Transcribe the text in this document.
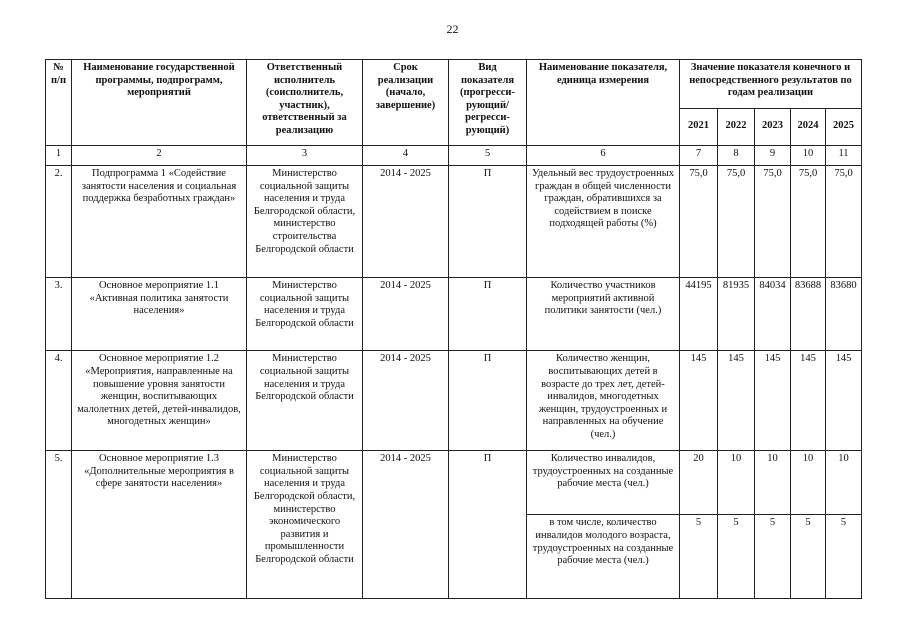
22
№ п/п	Наименование государственной программы, подпрограмм, мероприятий	Ответственный исполнитель (соисполнитель, участник), ответственный за реализацию	Срок реализации (начало, завершение)	Вид показателя (прогресси-рующий/ регресси-рующий)	Наименование показателя, единица измерения	Значение показателя конечного и непосредственного результатов по годам реализации				
						2021	2022	2023	2024	2025
1	2	3	4	5	6	7	8	9	10	11
2.	Подпрограмма 1 «Содействие занятости населения и социальная поддержка безработных граждан»	Министерство социальной защиты населения и труда Белгородской области, министерство строительства Белгородской области	2014 - 2025	П	Удельный вес трудоустроенных граждан в общей численности граждан, обратившихся за содействием в поиске подходящей работы (%)	75,0	75,0	75,0	75,0	75,0
3.	Основное мероприятие 1.1 «Активная политика занятости населения»	Министерство социальной защиты населения и труда Белгородской области	2014 - 2025	П	Количество участников мероприятий активной политики занятости (чел.)	44195	81935	84034	83688	83680
4.	Основное мероприятие 1.2 «Мероприятия, направленные на повышение уровня занятости женщин, воспитывающих малолетних детей, детей-инвалидов, многодетных женщин»	Министерство социальной защиты населения и труда Белгородской области	2014 - 2025	П	Количество женщин, воспитывающих детей в возрасте до трех лет, детей-инвалидов, многодетных женщин, трудоустроенных и направленных на обучение (чел.)	145	145	145	145	145
5.	Основное мероприятие 1.3 «Дополнительные мероприятия в сфере занятости населения»	Министерство социальной защиты населения и труда Белгородской области, министерство экономического развития и промышленности Белгородской области	2014 - 2025	П	Количество инвалидов, трудоустроенных на созданные рабочие места (чел.)	20	10	10	10	10
					в том числе, количество инвалидов молодого возраста, трудоустроенных на созданные рабочие места (чел.)	5	5	5	5	5
